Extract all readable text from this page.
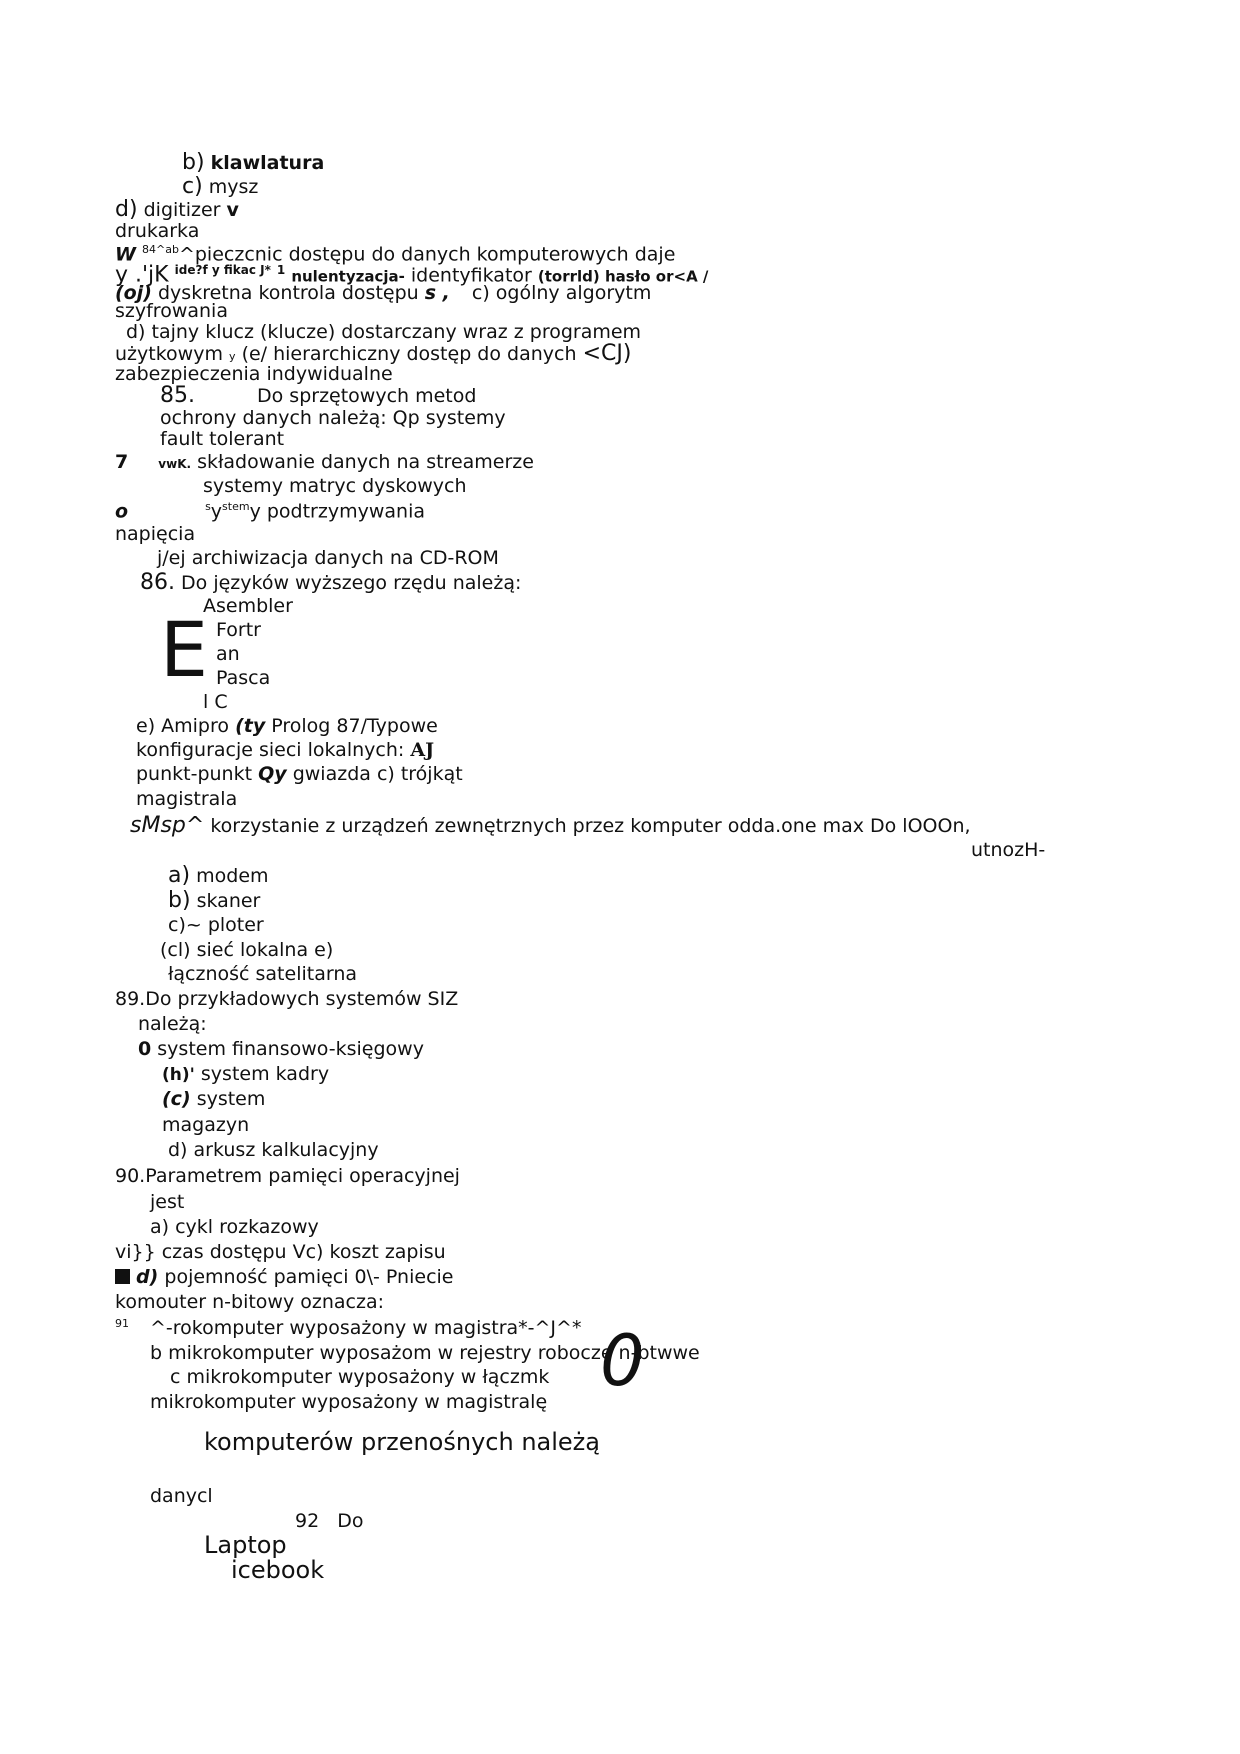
b) klawlatura
c) mysz
d) digitizer v
drukarka
W $^{84\^{}ab}$^pieczcnic dostępu do danych komputerowych daje
y .'jK $^{ide?f y fikac J*}$ $^1$ nulentyzacja- identyfikator (torrld) hasło or<A /
(oj) dyskretna kontrola dostępu s , c) ogólny algorytm
szyfrowania
d) tajny klucz (klucze) dostarczany wraz z programem
użytkowym y (e/ hierarchiczny dostęp do danych <CJ)
zabezpieczenia indywidualne
85.	Do sprzętowych metod
ochrony danych należą: Qp systemy
fault tolerant
7	vwK. składowanie danych na streamerze
systemy matryc dyskowych
o	$^sy^{stem}y$ podtrzymywania
napięcia
j/ej archiwizacja danych na CD-ROM
86. Do języków wyższego rzędu należą:
Asembler
E Fortr
an
Pasca
l C
e) Amipro (ty Prolog 87/Typowe
konfiguracje sieci lokalnych: AJ
punkt-punkt Qy gwiazda c) trójkąt
magistrala
sMsp^ korzystanie z urządzeń zewnętrznych przez komputer odda.one max Do lOOOn,
utnozH-
a) modem
b) skaner
c)~ ploter
(cl) sieć lokalna e)
łączność satelitarna
89.Do przykładowych systemów SIZ
należą:
0 system finansowo-księgowy
(h)' system kadry
(c) system
magazyn
d) arkusz kalkulacyjny
90.Parametrem pamięci operacyjnej
jest
a) cykl rozkazowy
vi}} czas dostępu Vc) koszt zapisu
d) pojemność pamięci 0\- Pniecie
komouter n-bitowy oznacza:
$^{91}$ ^-rokomputer wyposażony w magistra*-^J^*
b mikrokomputer wyposażom w rejestry robocze n-btwwe
c mikrokomputer wyposażony w łączmk 0
mikrokomputer wyposażony w magistralę
komputerów przenośnych należą
danycl
92 Do
Laptop
icebook
